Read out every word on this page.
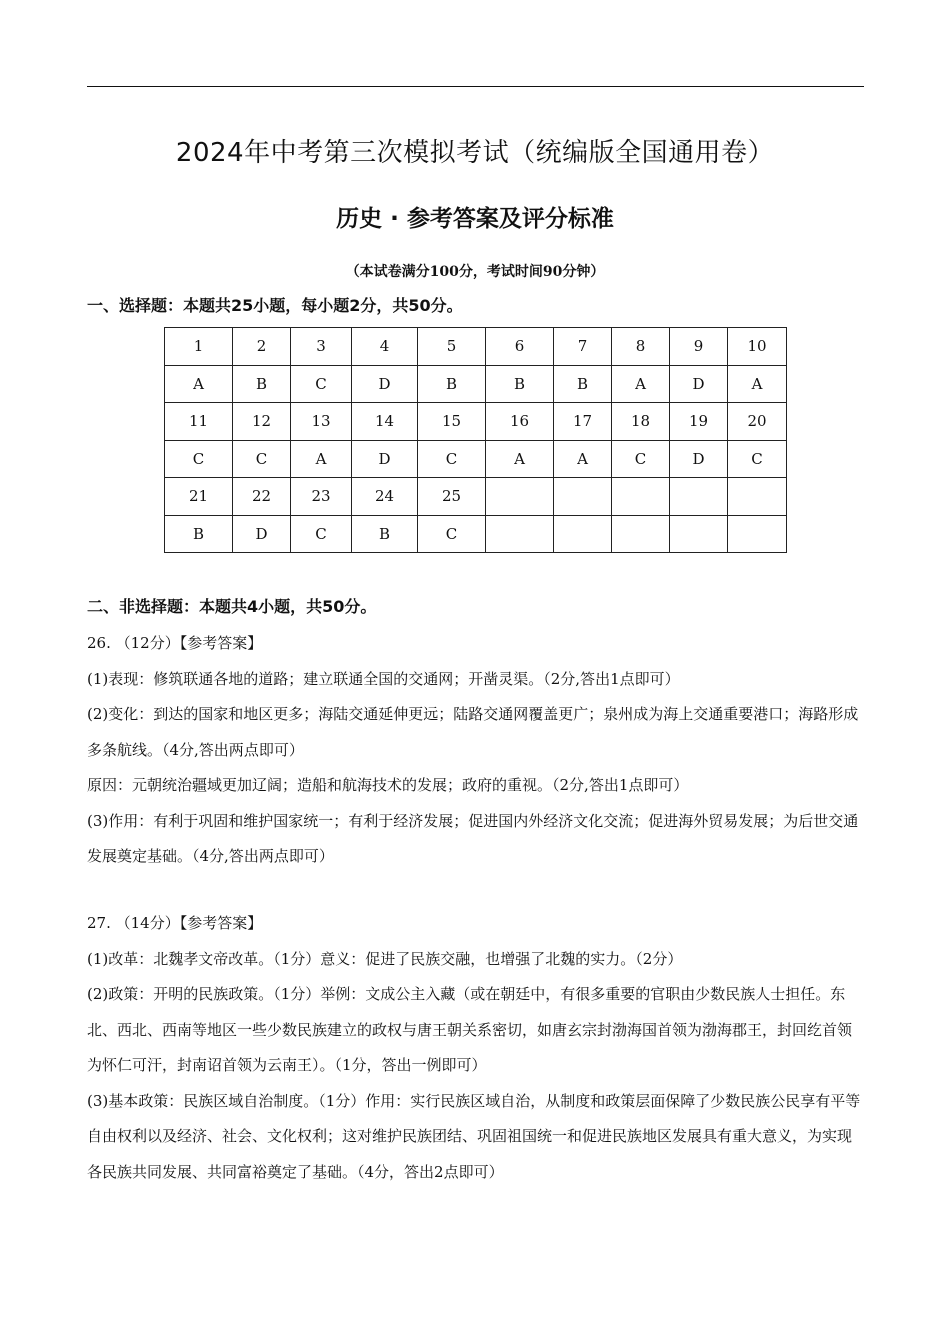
2024年中考第三次模拟考试（统编版全国通用卷）
历史 · 参考答案及评分标准
（本试卷满分100分，考试时间90分钟）
一、选择题：本题共25小题，每小题2分，共50分。
1	2	3	4	5	6	7	8	9	10
A	B	C	D	B	B	B	A	D	A
11	12	13	14	15	16	17	18	19	20
C	C	A	D	C	A	A	C	D	C
21	22	23	24	25					
B	D	C	B	C					
二、非选择题：本题共4小题，共50分。

26. （12分）【参考答案】

(1)表现：修筑联通各地的道路；建立联通全国的交通网；开凿灵渠。（2分,答出1点即可）

(2)变化：到达的国家和地区更多；海陆交通延伸更远；陆路交通网覆盖更广；泉州成为海上交通重要港口；海路形成多条航线。（4分,答出两点即可）

原因：元朝统治疆域更加辽阔；造船和航海技术的发展；政府的重视。（2分,答出1点即可）

(3)作用：有利于巩固和维护国家统一；有利于经济发展；促进国内外经济文化交流；促进海外贸易发展；为后世交通发展奠定基础。（4分,答出两点即可）

27. （14分）【参考答案】

(1)改革：北魏孝文帝改革。（1分）意义：促进了民族交融，也增强了北魏的实力。（2分）

(2)政策：开明的民族政策。（1分）举例：文成公主入藏（或在朝廷中，有很多重要的官职由少数民族人士担任。东北、西北、西南等地区一些少数民族建立的政权与唐王朝关系密切，如唐玄宗封渤海国首领为渤海郡王，封回纥首领为怀仁可汗，封南诏首领为云南王）。（1分，答出一例即可）

(3)基本政策：民族区域自治制度。（1分）作用：实行民族区域自治，从制度和政策层面保障了少数民族公民享有平等自由权利以及经济、社会、文化权利；这对维护民族团结、巩固祖国统一和促进民族地区发展具有重大意义，为实现各民族共同发展、共同富裕奠定了基础。（4分，答出2点即可）
